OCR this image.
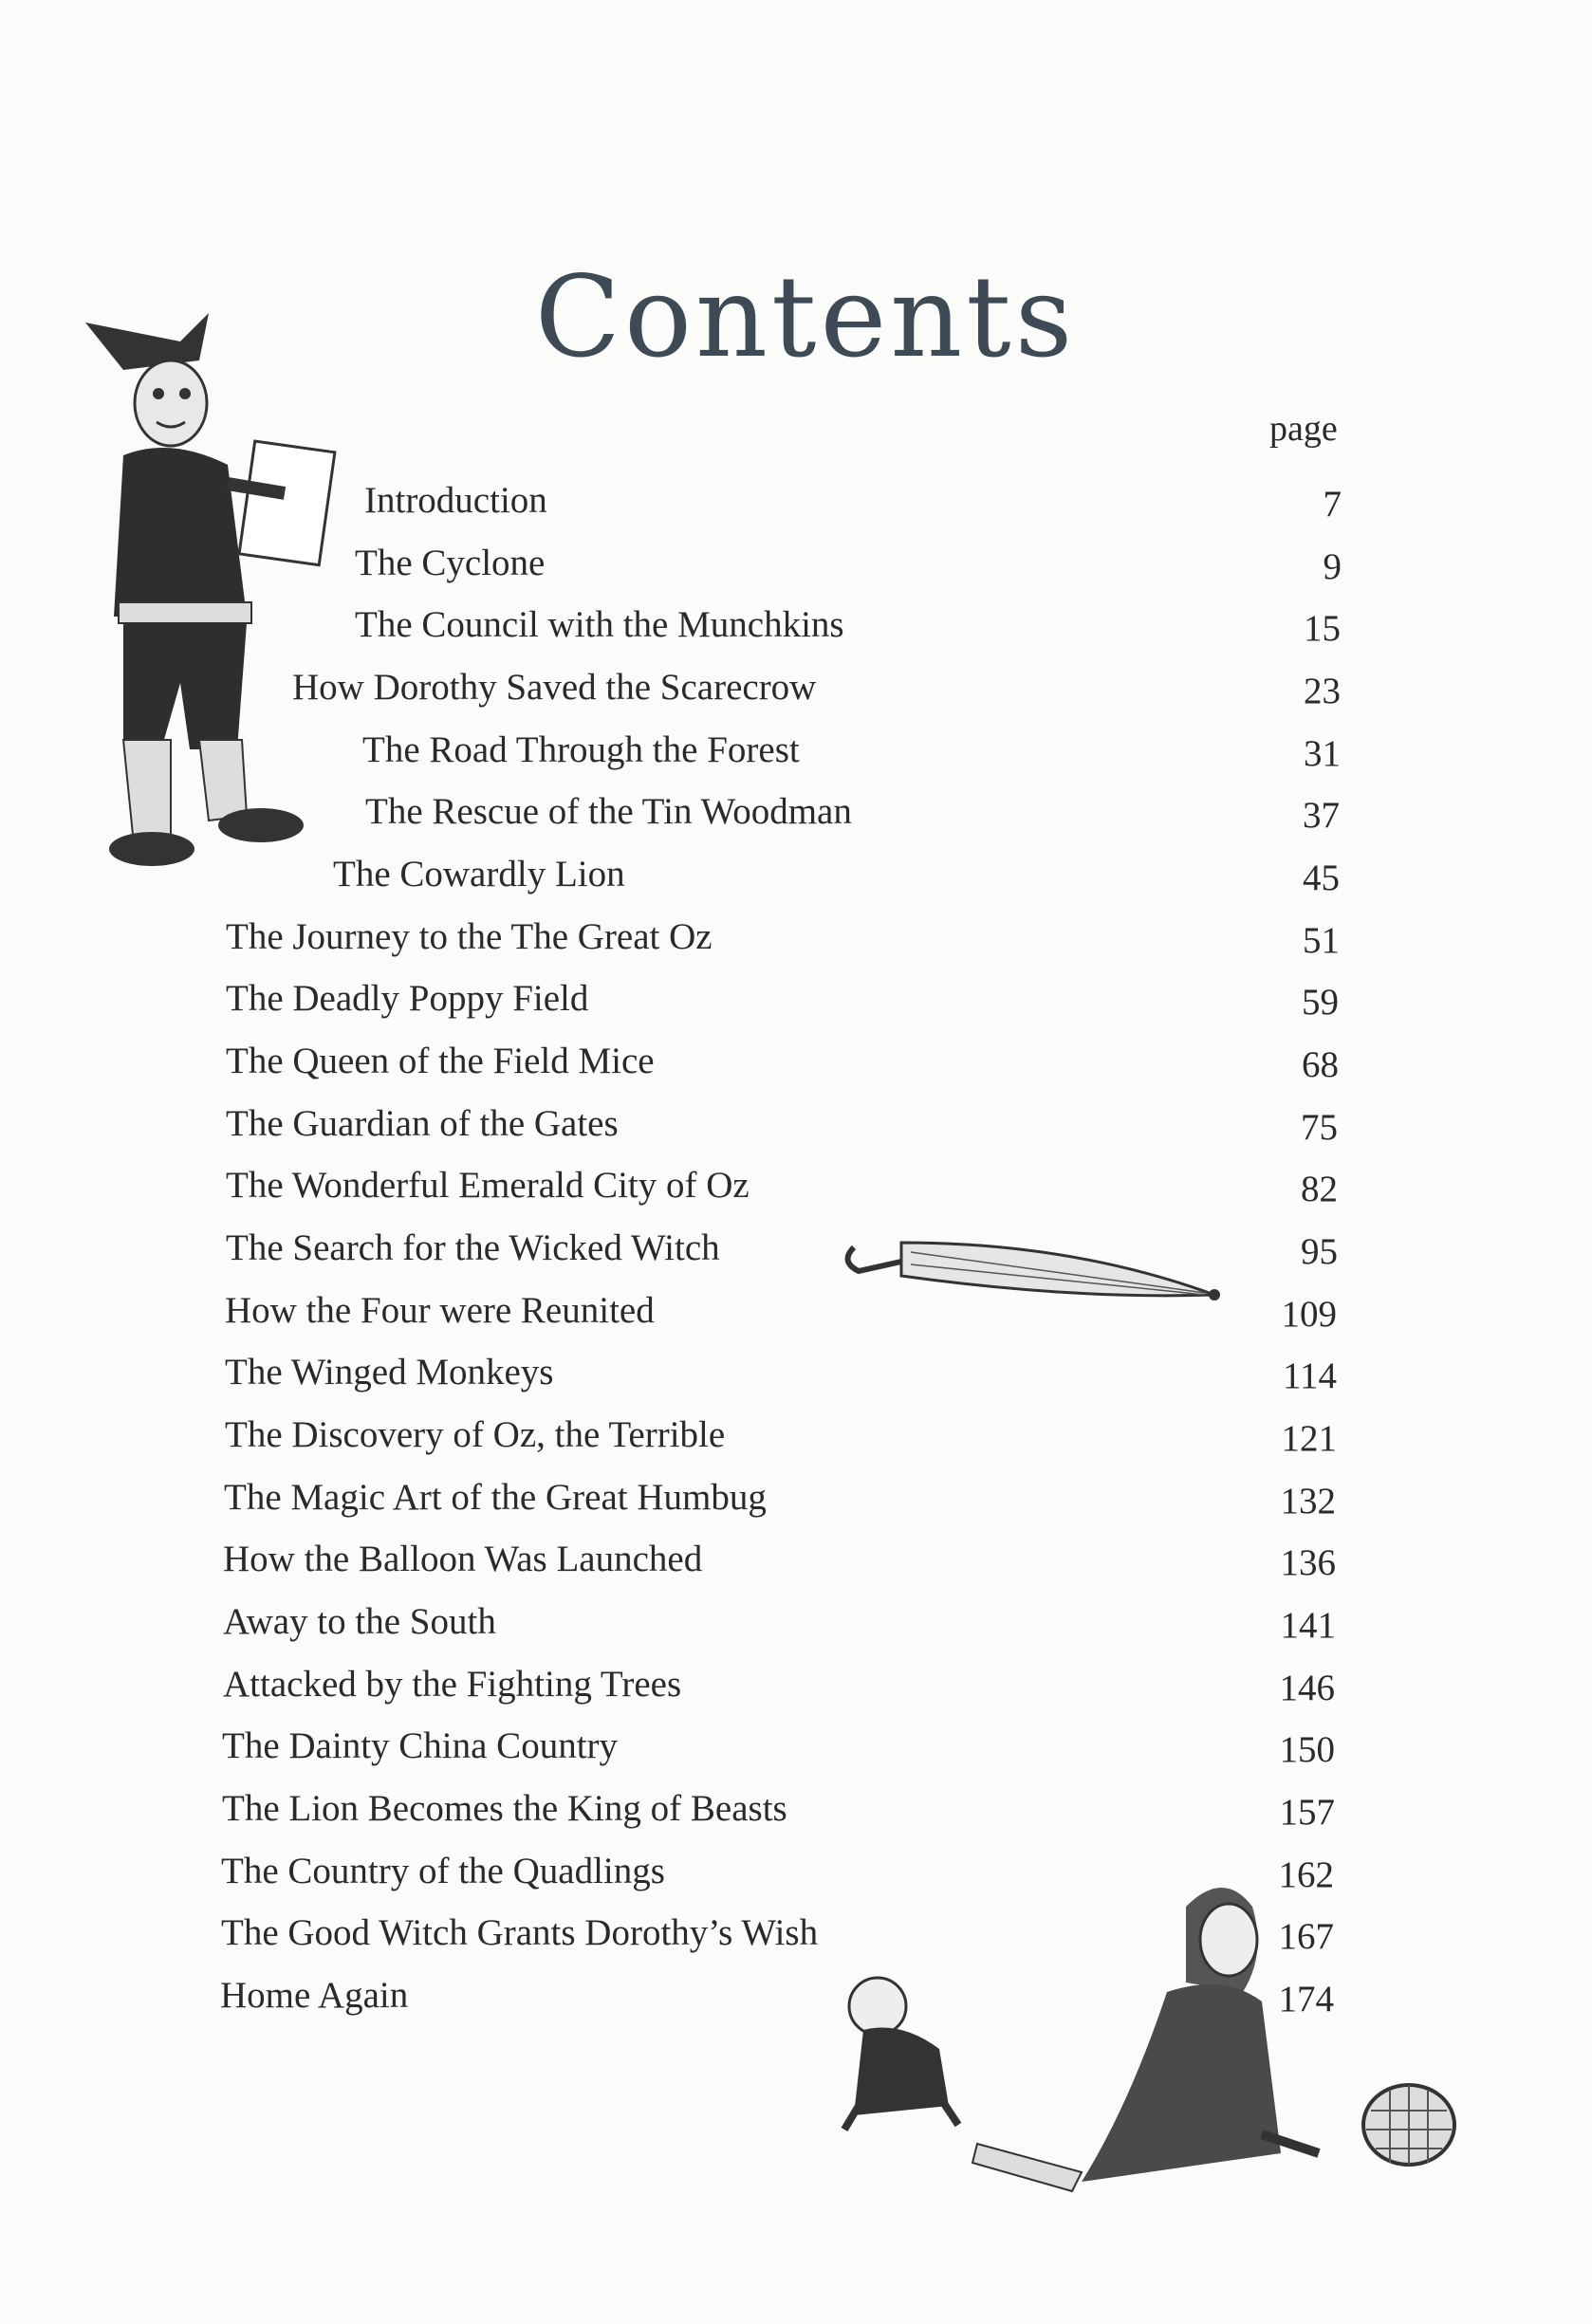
Contents
page
Introduction	7
The Cyclone	9
The Council with the Munchkins	15
How Dorothy Saved the Scarecrow	23
The Road Through the Forest	31
The Rescue of the Tin Woodman	37
The Cowardly Lion	45
The Journey to the The Great Oz	51
The Deadly Poppy Field	59
The Queen of the Field Mice	68
The Guardian of the Gates	75
The Wonderful Emerald City of Oz	82
The Search for the Wicked Witch	95
How the Four were Reunited	109
The Winged Monkeys	114
The Discovery of Oz, the Terrible	121
The Magic Art of the Great Humbug	132
How the Balloon Was Launched	136
Away to the South	141
Attacked by the Fighting Trees	146
The Dainty China Country	150
The Lion Becomes the King of Beasts	157
The Country of the Quadlings	162
The Good Witch Grants Dorothy’s Wish	167
Home Again	174
